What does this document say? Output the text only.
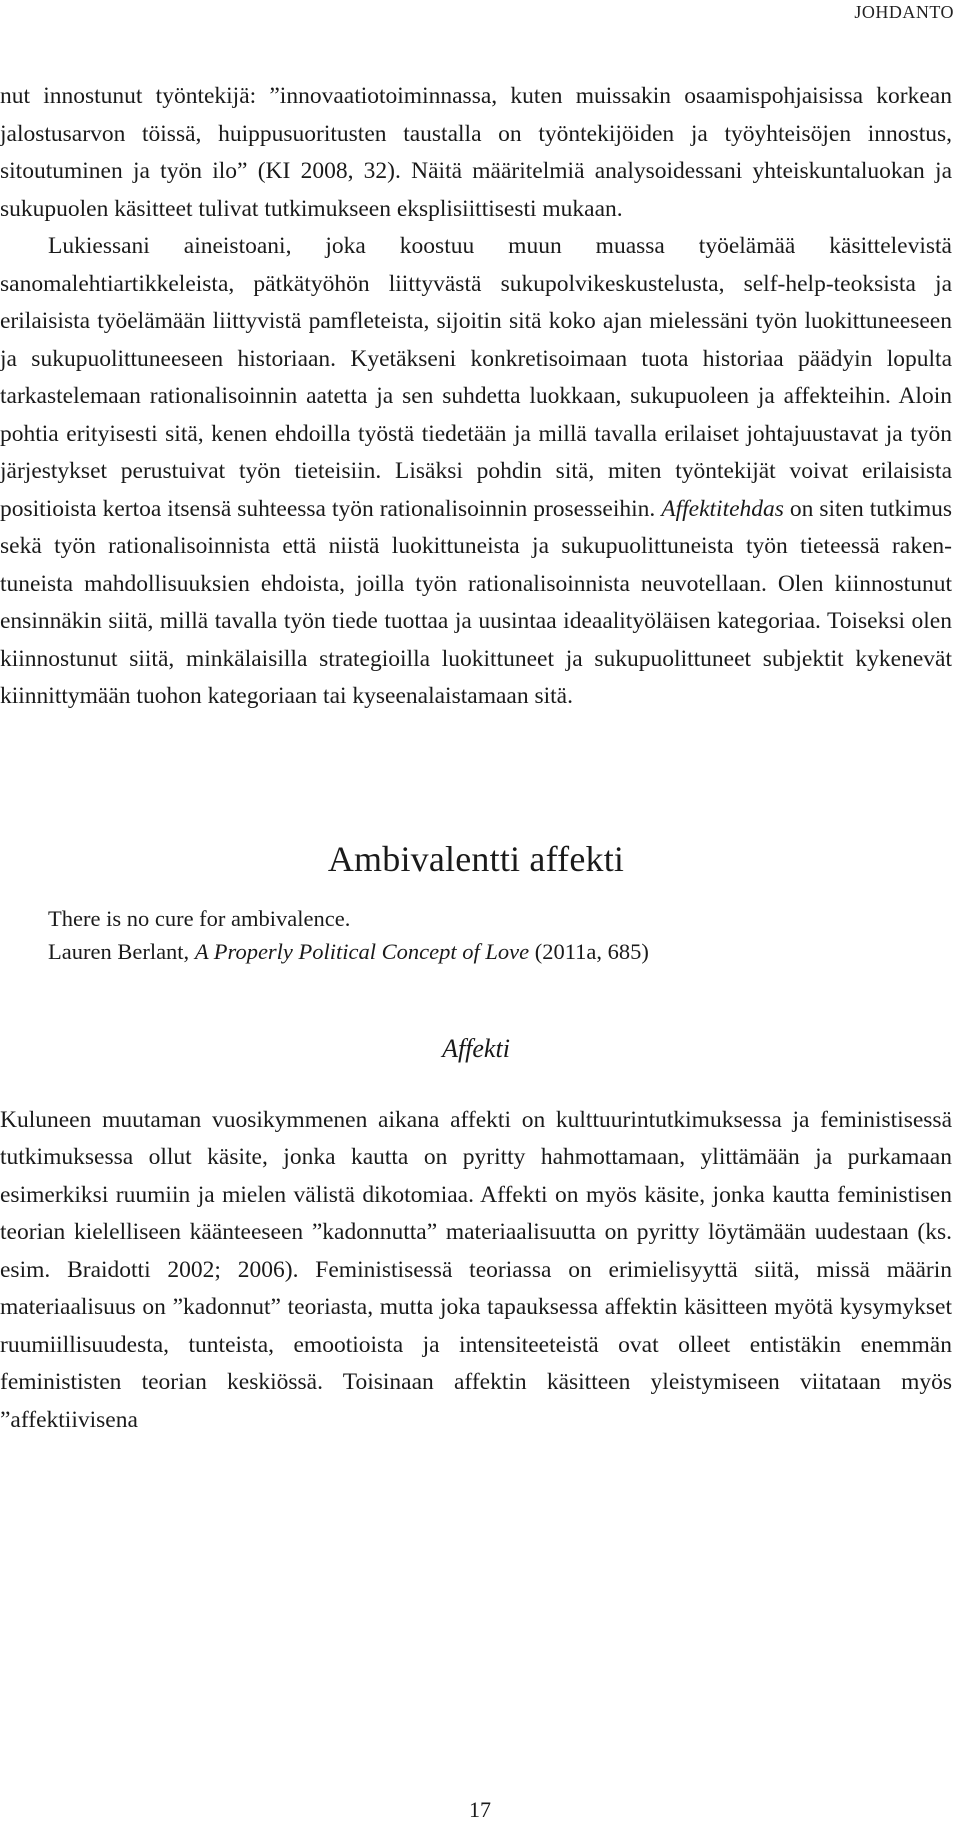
JOHDANTO

nut innostunut työntekijä: ”innovaatiotoiminnassa, kuten muissakin osaamispohjaisissa korkean jalostusarvon töissä, huippusuoritusten taustalla on työntekijöiden ja työyhteisöjen innostus, sitoutuminen ja työn ilo” (KI 2008, 32). Näitä määritelmiä analysoidessani yhteiskuntaluokan ja sukupuolen käsitteet tulivat tutkimukseen eksplisiittisesti mukaan.

Lukiessani aineistoani, joka koostuu muun muassa työelämää käsittelevistä sanomalehtiartikkeleista, pätkätyöhön liittyvästä sukupolvikeskustelusta, self-help-teoksista ja erilaisista työelämään liittyvistä pamfleteista, sijoitin sitä koko ajan mielessäni työn luokittuneeseen ja sukupuolittuneeseen historiaan. Kyetäkseni konkretisoimaan tuota historiaa päädyin lopulta tarkastelemaan rationalisoinnin aatetta ja sen suhdetta luokkaan, sukupuoleen ja affekteihin. Aloin pohtia erityisesti sitä, kenen ehdoilla työstä tiedetään ja millä tavalla erilaiset johtajuustavat ja työn järjestykset perustuivat työn tieteisiin. Lisäksi pohdin sitä, miten työntekijät voivat erilaisista positioista kertoa itsensä suhteessa työn rationalisoinnin prosesseihin. Affektitehdas on siten tutkimus sekä työn rationalisoinnista että niistä luokittuneista ja sukupuolittuneista työn tieteessä rakentuneista mahdollisuuksien ehdoista, joilla työn rationalisoinnista neuvotellaan. Olen kiinnostunut ensinnäkin siitä, millä tavalla työn tiede tuottaa ja uusintaa ideaalityöläisen kategoriaa. Toiseksi olen kiinnostunut siitä, minkälaisilla strategioilla luokittuneet ja sukupuolittuneet subjektit kykenevät kiinnittymään tuohon kategoriaan tai kyseenalaistamaan sitä.

Ambivalentti affekti
There is no cure for ambivalence.
Lauren Berlant, A Properly Political Concept of Love (2011a, 685)
Affekti

Kuluneen muutaman vuosikymmenen aikana affekti on kulttuurintutkimuksessa ja feministisessä tutkimuksessa ollut käsite, jonka kautta on pyritty hahmottamaan, ylittämään ja purkamaan esimerkiksi ruumiin ja mielen välistä dikotomiaa. Affekti on myös käsite, jonka kautta feministisen teorian kielelliseen käänteeseen ”kadonnutta” materiaalisuutta on pyritty löytämään uudestaan (ks. esim. Braidotti 2002; 2006). Feministisessä teoriassa on erimielisyyttä siitä, missä määrin materiaalisuus on ”kadonnut” teoriasta, mutta joka tapauksessa affektin käsitteen myötä kysymykset ruumiillisuudesta, tunteista, emootioista ja intensiteeteistä ovat olleet entistäkin enemmän feminististen teorian keskiössä. Toisinaan affektin käsitteen yleistymiseen viitataan myös ”affektiivisena

17
